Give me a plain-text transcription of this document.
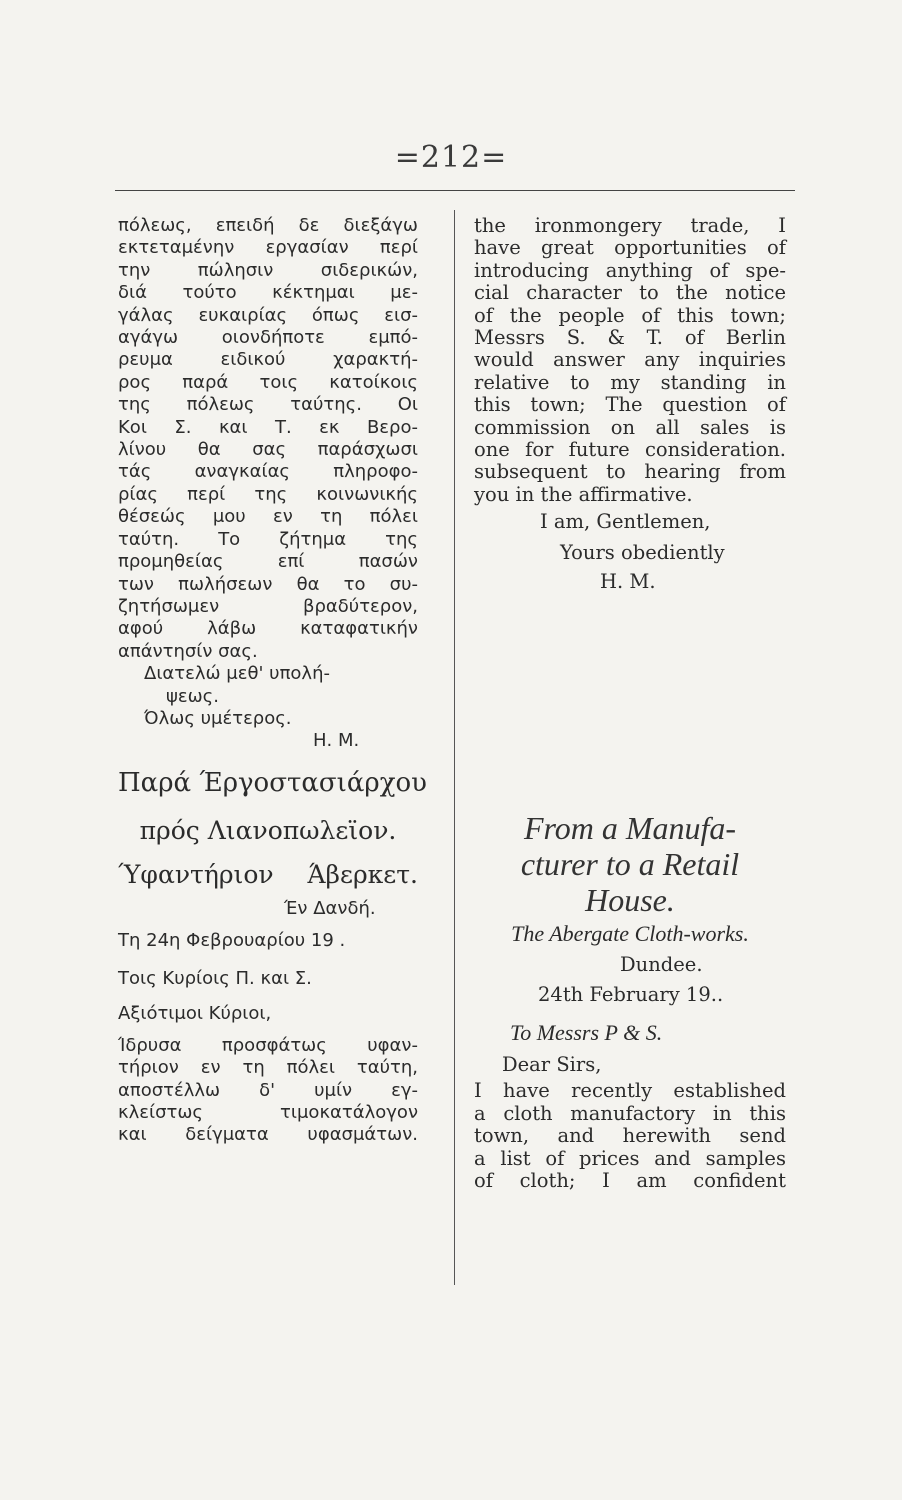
=212=
πόλεως, επειδή δε διεξάγω
εκτεταμένην εργασίαν περί
την	πώλησιν	σιδερικών,
διά τούτο κέκτημαι με-
γάλας ευκαιρίας όπως εισ-
αγάγω οιονδήποτε εμπό-
ρευμα	ειδικού	χαρακτή-
ρος παρά τοις κατοίκοις
της πόλεως ταύτης. Οι
Κοι Σ. και Τ. εκ Βερο-
λίνου θα σας παράσχωσι
τάς αναγκαίας πληροφο-
ρίας περί της κοινωνικής
θέσεώς μου εν τη πόλει
ταύτη. Το ζήτημα της
προμηθείας	επί	πασών
των πωλήσεων θα το συ-
ζητήσωμεν	βραδύτερον,
αφού λάβω καταφατικήν
απάντησίν σας.
Διατελώ μεθ' υπολή-
ψεως.
Όλως υμέτερος.
Η. Μ.
Παρά Έργοστασιάρχου
πρός Λιανοπωλεϊον.
Ύφαντήριον Άβερκετ.
Έν Δανδή.
Τη 24η Φεβρουαρίου 19 .
Τοις Κυρίοις Π. και Σ.
Αξιότιμοι Κύριοι,
Ίδρυσα προσφάτως υφαν-
τήριον εν τη πόλει ταύτη,
αποστέλλω δ' υμίν εγ-
κλείστως	τιμοκατάλογον
και δείγματα υφασμάτων.
the ironmongery trade, I
have great opportunities of
introducing anything of spe-
cial character to the notice
of the people of this town;
Messrs S. & T. of Berlin
would answer any inquiries
relative to my standing in
this town; The question of
commission on all sales is
one for future consideration.
subsequent to hearing from
you in the affirmative.
I am, Gentlemen,
Yours obediently
H. M.
From a Manufa-
cturer to a Retail
House.
The Abergate Cloth-works.
Dundee.
24th February 19..
To Messrs P & S.
Dear Sirs,
I have recently established
a cloth manufactory in this
town, and herewith send
a list of prices and samples
of cloth; I am confident
